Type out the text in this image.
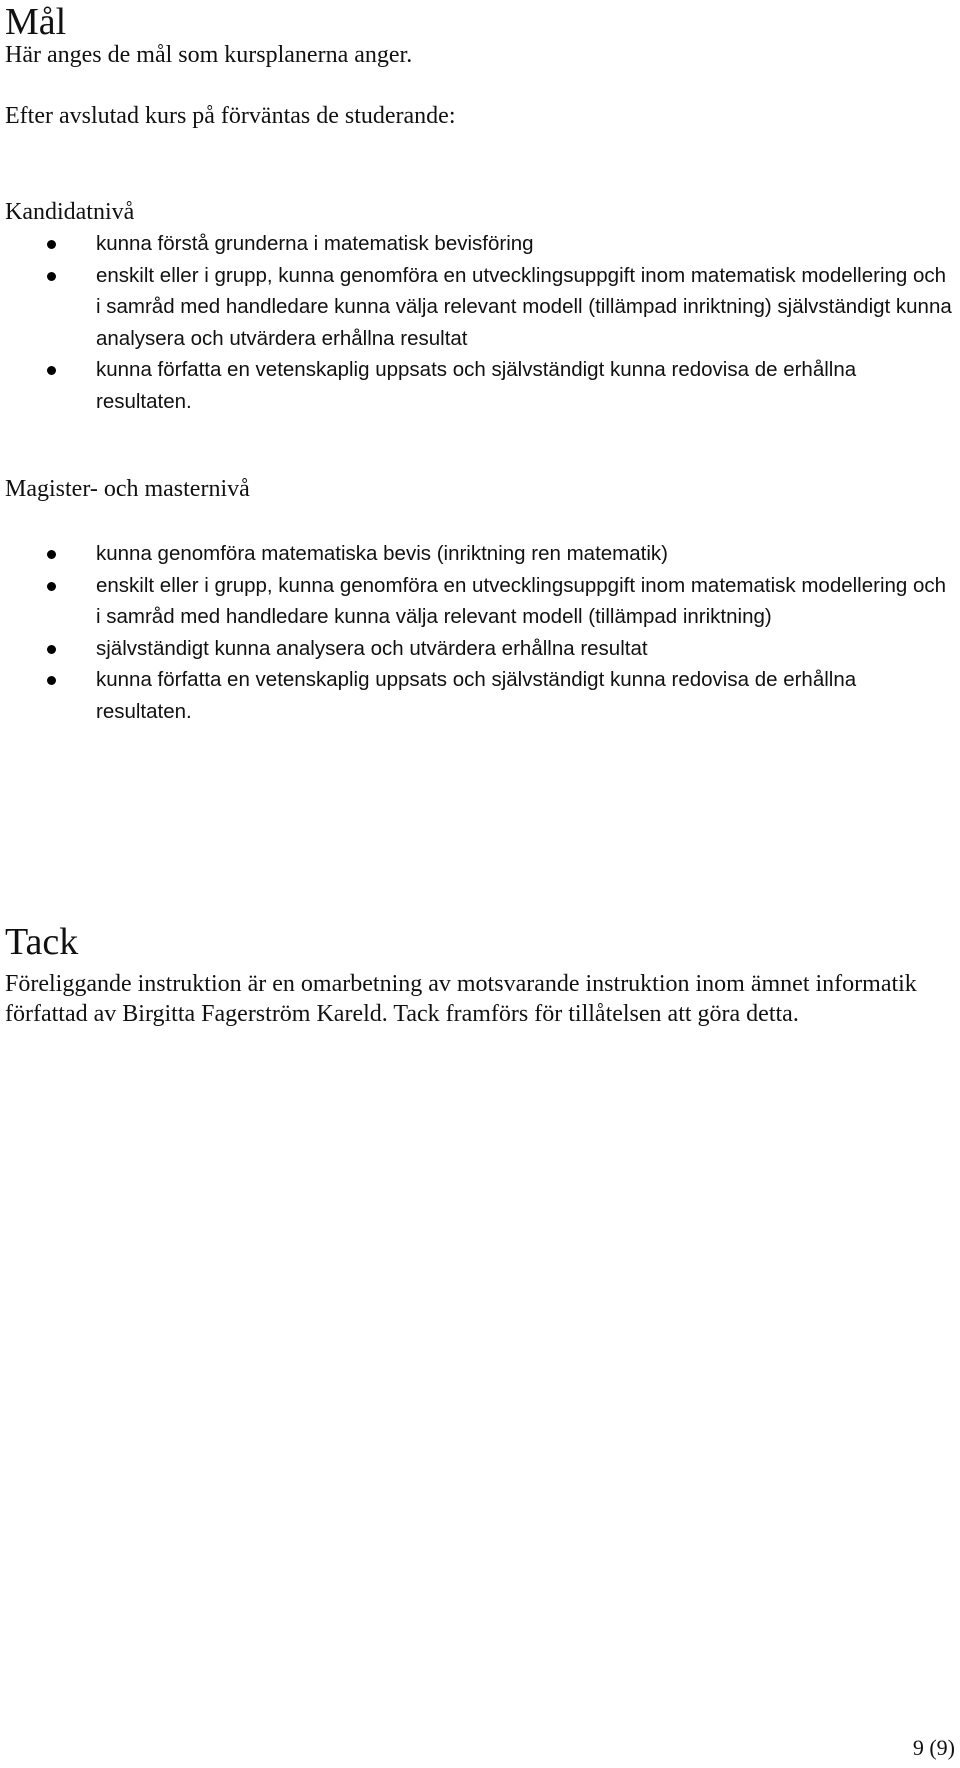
Mål

Här anges de mål som kursplanerna anger.

Efter avslutad kurs på förväntas de studerande:

Kandidatnivå

kunna förstå grunderna i matematisk bevisföring
enskilt eller i grupp, kunna genomföra en utvecklingsuppgift inom matematisk modellering och i samråd med handledare kunna välja relevant modell (tillämpad inriktning) självständigt kunna analysera och utvärdera erhållna resultat
kunna författa en vetenskaplig uppsats och självständigt kunna redovisa de erhållna resultaten.

Magister- och masternivå

kunna genomföra matematiska bevis (inriktning ren matematik)
enskilt eller i grupp, kunna genomföra en utvecklingsuppgift inom matematisk modellering och i samråd med handledare kunna välja relevant modell (tillämpad inriktning)
självständigt kunna analysera och utvärdera erhållna resultat
kunna författa en vetenskaplig uppsats och självständigt kunna redovisa de erhållna resultaten.
Tack

Föreliggande instruktion är en omarbetning av motsvarande instruktion inom ämnet informatik författad av Birgitta Fagerström Kareld. Tack framförs för tillåtelsen att göra detta.

9 (9)
